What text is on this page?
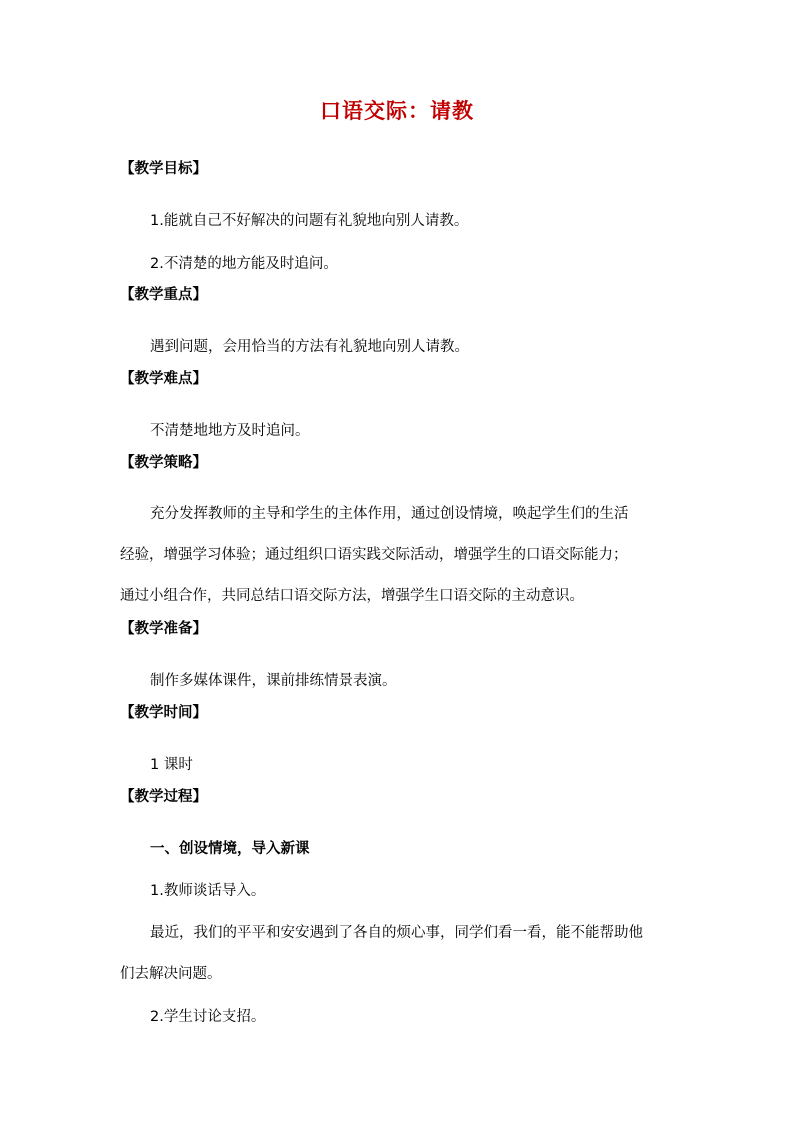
口语交际：请教
【教学目标】
1.能就自己不好解决的问题有礼貌地向别人请教。
2.不清楚的地方能及时追问。
【教学重点】
遇到问题，会用恰当的方法有礼貌地向别人请教。
【教学难点】
不清楚地地方及时追问。
【教学策略】
充分发挥教师的主导和学生的主体作用，通过创设情境，唤起学生们的生活
经验，增强学习体验；通过组织口语实践交际活动，增强学生的口语交际能力；
通过小组合作，共同总结口语交际方法，增强学生口语交际的主动意识。
【教学准备】
制作多媒体课件，课前排练情景表演。
【教学时间】
1 课时
【教学过程】
一、创设情境，导入新课
1.教师谈话导入。
最近，我们的平平和安安遇到了各自的烦心事，同学们看一看，能不能帮助他
们去解决问题。
2.学生讨论支招。
